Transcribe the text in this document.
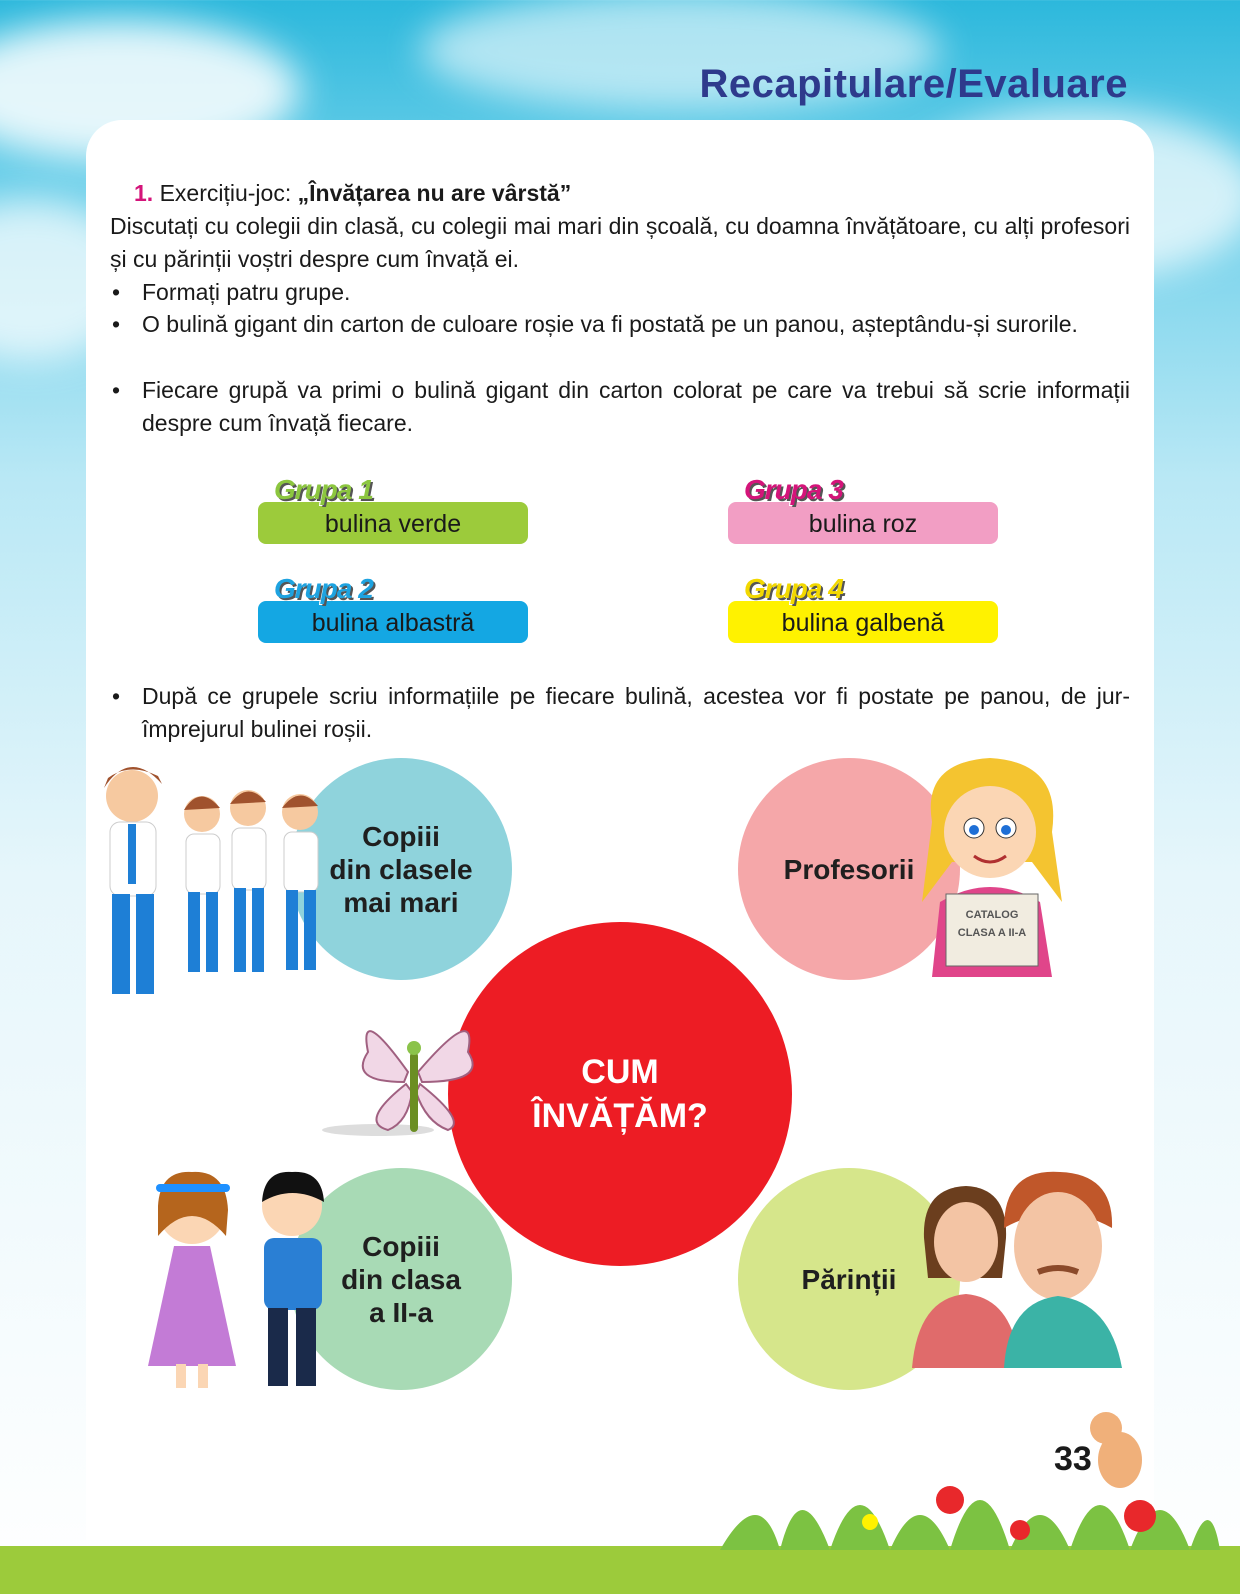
Recapitulare/Evaluare
1. Exercițiu-joc: „Învățarea nu are vârstă”
Discutați cu colegii din clasă, cu colegii mai mari din școală, cu doamna învățătoare, cu alți profesori și cu părinții voștri despre cum învață ei.
• Formați patru grupe.
• O bulină gigant din carton de culoare roșie va fi postată pe un panou, așteptându-și surorile.
• Fiecare grupă va primi o bulină gigant din carton colorat pe care va trebui să scrie informații despre cum învață fiecare.
bulina verde
Grupa 1
bulina roz
Grupa 3
bulina albastră
Grupa 2
bulina galbenă
Grupa 4
• După ce grupele scriu informațiile pe fiecare bulină, acestea vor fi postate pe panou, de jur-împrejurul bulinei roșii.
Copiii
din clasele
mai mari
Profesorii
Copiii
din clasa
a II-a
Părinții
CUM
ÎNVĂȚĂM?
CATALOG
CLASA A II-A
33
